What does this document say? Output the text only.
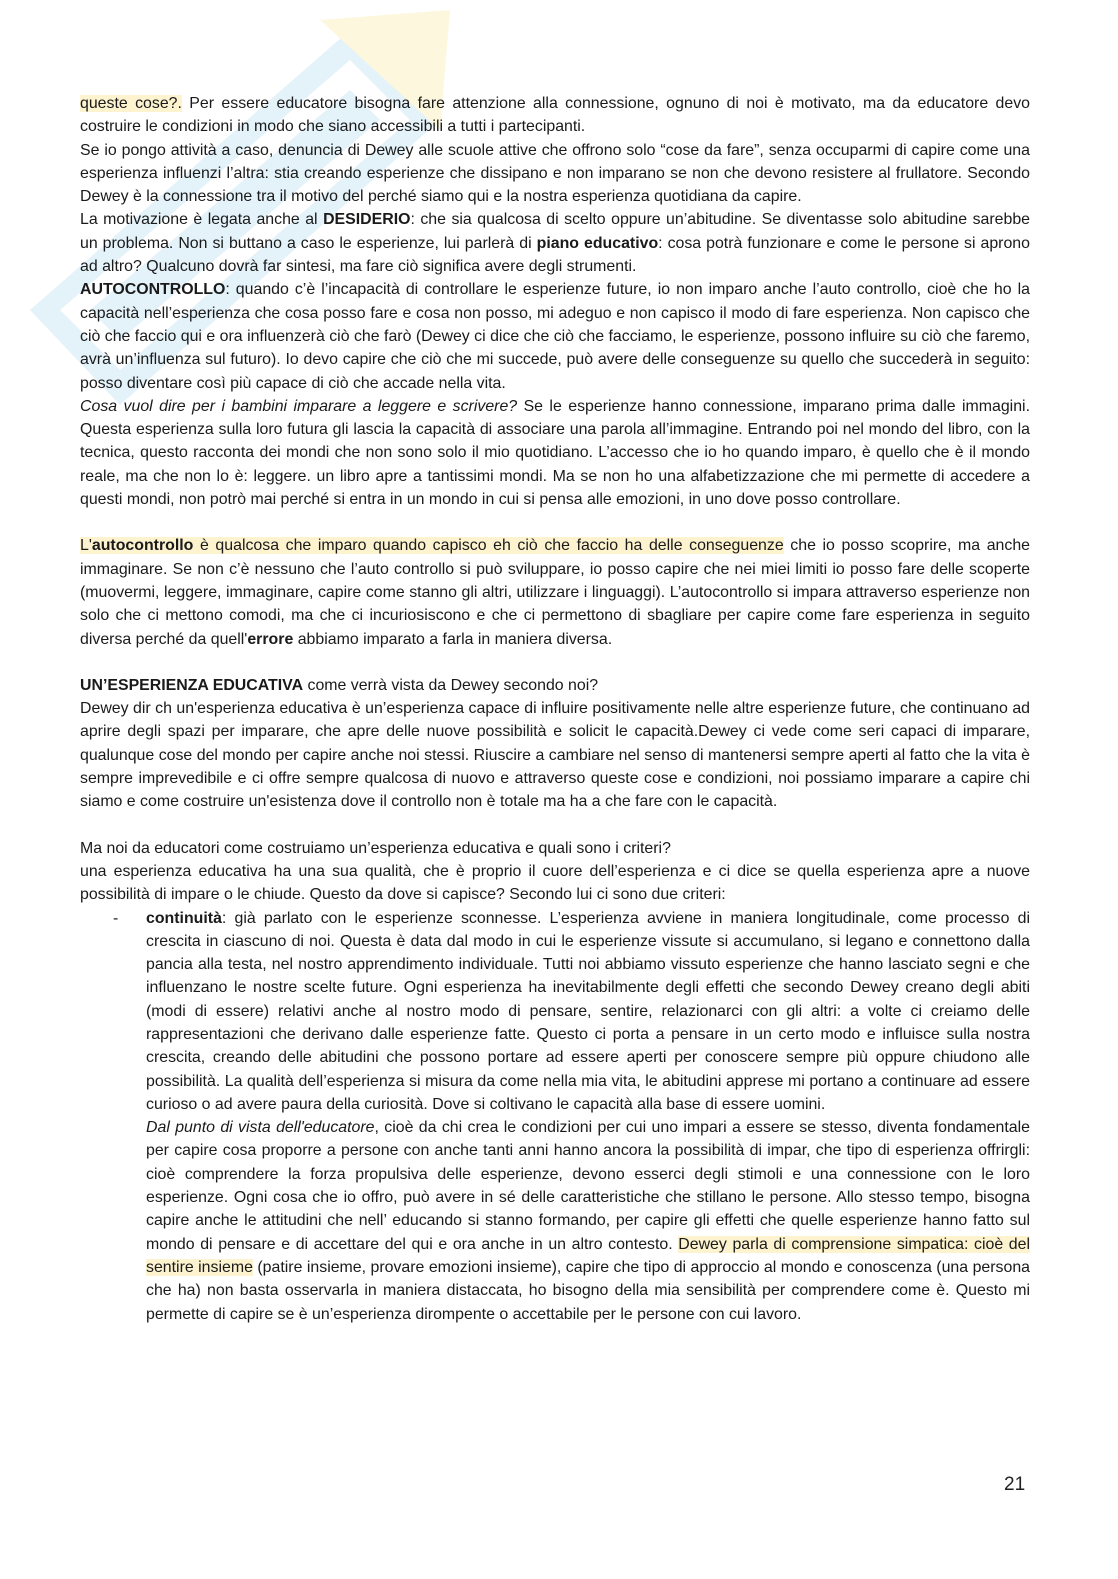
queste cose?. Per essere educatore bisogna fare attenzione alla connessione, ognuno di noi è motivato, ma da educatore devo costruire le condizioni in modo che siano accessibili a tutti i partecipanti.

Se io pongo attività a caso, denuncia di Dewey alle scuole attive che offrono solo “cose da fare”, senza occuparmi di capire come una esperienza influenzi l’altra: stia creando esperienze che dissipano e non imparano se non che devono resistere al frullatore. Secondo Dewey è la connessione tra il motivo del perché siamo qui e la nostra esperienza quotidiana da capire.

La motivazione è legata anche al DESIDERIO: che sia qualcosa di scelto oppure un’abitudine. Se diventasse solo abitudine sarebbe un problema. Non si buttano a caso le esperienze, lui parlerà di piano educativo: cosa potrà funzionare e come le persone si aprono ad altro? Qualcuno dovrà far sintesi, ma fare ciò significa avere degli strumenti.

AUTOCONTROLLO: quando c’è l’incapacità di controllare le esperienze future, io non imparo anche l’auto controllo, cioè che ho la capacità nell’esperienza che cosa posso fare e cosa non posso, mi adeguo e non capisco il modo di fare esperienza. Non capisco che ciò che faccio qui e ora influenzerà ciò che farò (Dewey ci dice che ciò che facciamo, le esperienze, possono influire su ciò che faremo, avrà un’influenza sul futuro). Io devo capire che ciò che mi succede, può avere delle conseguenze su quello che succederà in seguito: posso diventare così più capace di ciò che accade nella vita.

Cosa vuol dire per i bambini imparare a leggere e scrivere? Se le esperienze hanno connessione, imparano prima dalle immagini. Questa esperienza sulla loro futura gli lascia la capacità di associare una parola all’immagine. Entrando poi nel mondo del libro, con la tecnica, questo racconta dei mondi che non sono solo il mio quotidiano. L’accesso che io ho quando imparo, è quello che è il mondo reale, ma che non lo è: leggere. un libro apre a tantissimi mondi. Ma se non ho una alfabetizzazione che mi permette di accedere a questi mondi, non potrò mai perché si entra in un mondo in cui si pensa alle emozioni, in uno dove posso controllare.

L'autocontrollo è qualcosa che imparo quando capisco eh ciò che faccio ha delle conseguenze che io posso scoprire, ma anche immaginare. Se non c’è nessuno che l’auto controllo si può sviluppare, io posso capire che nei miei limiti io posso fare delle scoperte (muovermi, leggere, immaginare, capire come stanno gli altri, utilizzare i linguaggi). L’autocontrollo si impara attraverso esperienze non solo che ci mettono comodi, ma che ci incuriosiscono e che ci permettono di sbagliare per capire come fare esperienza in seguito diversa perché da quell'errore abbiamo imparato a farla in maniera diversa.

UN’ESPERIENZA EDUCATIVA come verrà vista da Dewey secondo noi?

Dewey dir ch un'esperienza educativa è un’esperienza capace di influire positivamente nelle altre esperienze future, che continuano ad aprire degli spazi per imparare, che apre delle nuove possibilità e solicit le capacità.Dewey ci vede come seri capaci di imparare, qualunque cose del mondo per capire anche noi stessi. Riuscire a cambiare nel senso di mantenersi sempre aperti al fatto che la vita è sempre imprevedibile e ci offre sempre qualcosa di nuovo e attraverso queste cose e condizioni, noi possiamo imparare a capire chi siamo e come costruire un'esistenza dove il controllo non è totale ma ha a che fare con le capacità.

Ma noi da educatori come costruiamo un’esperienza educativa e quali sono i criteri?

una esperienza educativa ha una sua qualità, che è proprio il cuore dell’esperienza e ci dice se quella esperienza apre a nuove possibilità di impare o le chiude. Questo da dove si capisce? Secondo lui ci sono due criteri:

- continuità: già parlato con le esperienze sconnesse. L’esperienza avviene in maniera longitudinale, come processo di crescita in ciascuno di noi. Questa è data dal modo in cui le esperienze vissute si accumulano, si legano e connettono dalla pancia alla testa, nel nostro apprendimento individuale. Tutti noi abbiamo vissuto esperienze che hanno lasciato segni e che influenzano le nostre scelte future. Ogni esperienza ha inevitabilmente degli effetti che secondo Dewey creano degli abiti (modi di essere) relativi anche al nostro modo di pensare, sentire, relazionarci con gli altri: a volte ci creiamo delle rappresentazioni che derivano dalle esperienze fatte. Questo ci porta a pensare in un certo modo e influisce sulla nostra crescita, creando delle abitudini che possono portare ad essere aperti per conoscere sempre più oppure chiudono alle possibilità. La qualità dell’esperienza si misura da come nella mia vita, le abitudini apprese mi portano a continuare ad essere curioso o ad avere paura della curiosità. Dove si coltivano le capacità alla base di essere uomini.

Dal punto di vista dell'educatore, cioè da chi crea le condizioni per cui uno impari a essere se stesso, diventa fondamentale per capire cosa proporre a persone con anche tanti anni hanno ancora la possibilità di impar, che tipo di esperienza offrirgli: cioè comprendere la forza propulsiva delle esperienze, devono esserci degli stimoli e una connessione con le loro esperienze. Ogni cosa che io offro, può avere in sé delle caratteristiche che stillano le persone. Allo stesso tempo, bisogna capire anche le attitudini che nell’ educando si stanno formando, per capire gli effetti che quelle esperienze hanno fatto sul mondo di pensare e di accettare del qui e ora anche in un altro contesto. Dewey parla di comprensione simpatica: cioè del sentire insieme (patire insieme, provare emozioni insieme), capire che tipo di approccio al mondo e conoscenza (una persona che ha) non basta osservarla in maniera distaccata, ho bisogno della mia sensibilità per comprendere come è. Questo mi permette di capire se è un’esperienza dirompente o accettabile per le persone con cui lavoro.

21
